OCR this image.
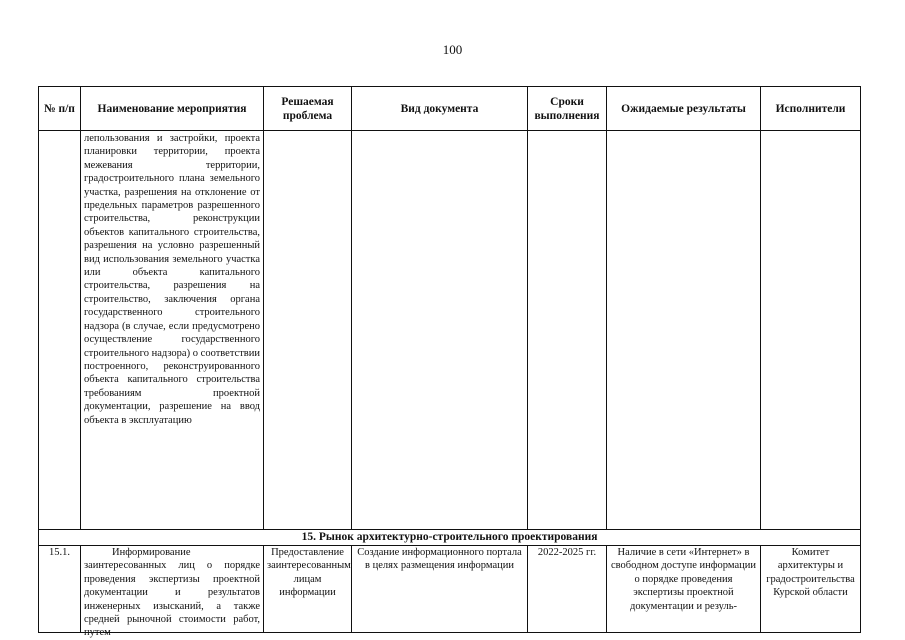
100
№ п/п	Наименование мероприятия	Решаемая проблема	Вид документа	Сроки выполнения	Ожидаемые результаты	Исполнители
	лепользования и застройки, проекта планировки территории, проекта межевания территории, градостроительного плана земельного участка, разрешения на отклонение от предельных параметров разрешенного строительства, реконструкции объектов капитального строительства, разрешения на условно разрешенный вид использования земельного участка или объекта капитального строительства, разрешения на строительство, заключения органа государственного строительного надзора (в случае, если предусмотрено осуществление государственного строительного надзора) о соответствии построенного, реконструированного объекта капитального строительства требованиям проектной документации, разрешение на ввод объекта в эксплуатацию					
15. Рынок архитектурно-строительного проектирования						
15.1.	Информирование заинтересованных лиц о порядке проведения экспертизы проектной документации и результатов инженерных изысканий, а также средней рыночной стоимости работ, путем	Предоставление заинтересованным лицам информации	Создание информационного портала в целях размещения информации	2022-2025 гг.	Наличие в сети «Интернет» в свободном доступе информации о порядке проведения экспертизы проектной документации и резуль-	Комитет архитектуры и градостроительства Курской области
